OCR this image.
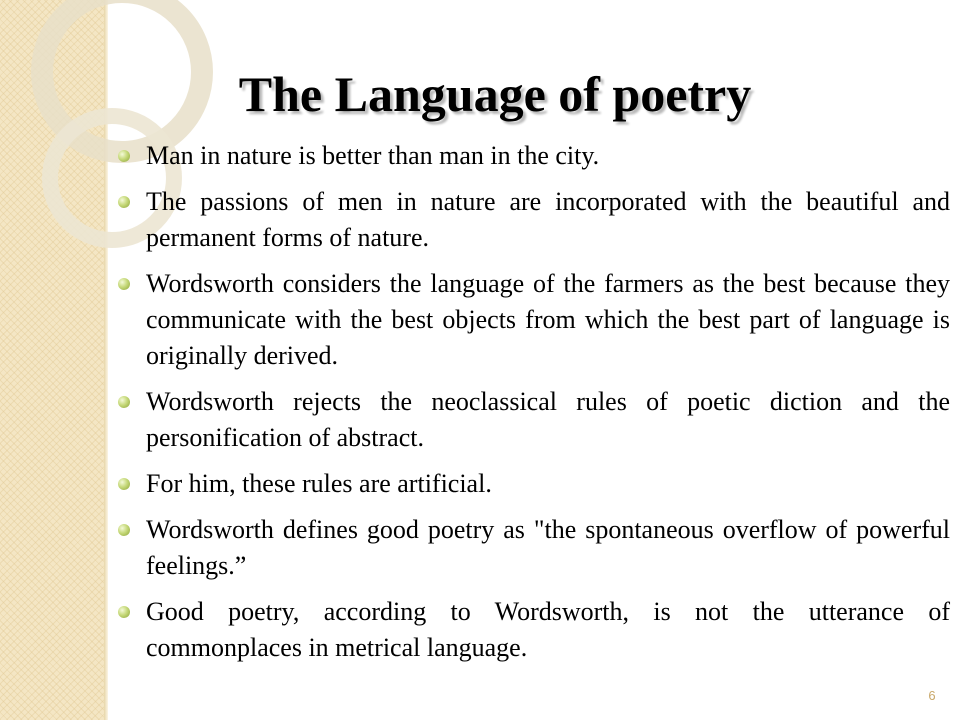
The Language of poetry
Man in nature is better than man in the city.
The passions of men in nature are incorporated with the beautiful and permanent forms of nature.
Wordsworth considers the language of the farmers as the best because they communicate with the best objects from which the best part of language is originally derived.
Wordsworth rejects the neoclassical rules of poetic diction and the personification of abstract.
For him, these rules are artificial.
Wordsworth defines good poetry as "the spontaneous overflow of powerful feelings.”
Good poetry, according to Wordsworth, is not the utterance of commonplaces in metrical language.
6
